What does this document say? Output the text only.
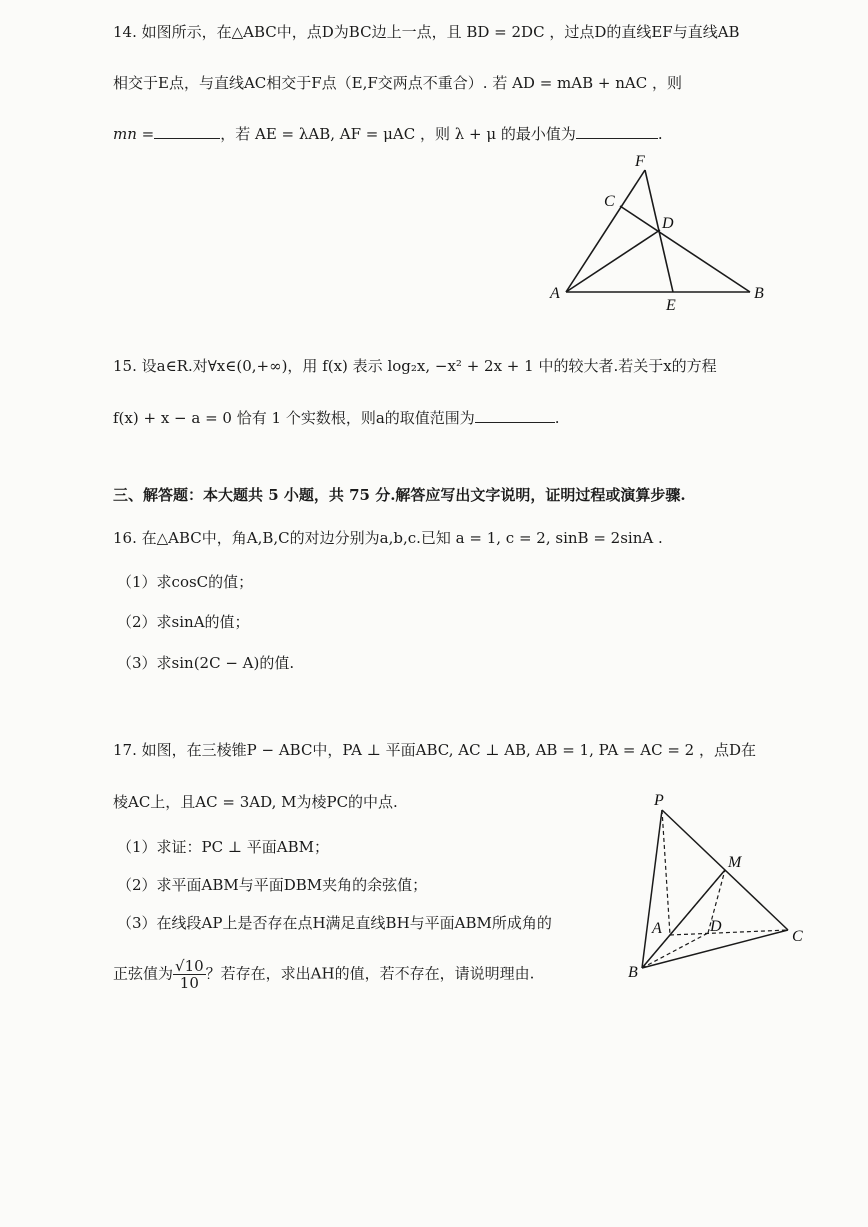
14. 如图所示，在△ABC中，点D为BC边上一点，且 BD = 2DC ，过点D的直线EF与直线AB
相交于E点，与直线AC相交于F点（E,F交两点不重合）. 若 AD = mAB + nAC ，则
mn =	，若 AE = λAB, AF = μAC ，则 λ + μ 的最小值为	.
F
C
D
A
E
B
15. 设a∈R.对∀x∈(0,+∞)，用 f(x) 表示 log₂x, −x² + 2x + 1 中的较大者.若关于x的方程
f(x) + x − a = 0 恰有 1 个实数根，则a的取值范围为	.
三、解答题：本大题共 5 小题，共 75 分.解答应写出文字说明，证明过程或演算步骤.
16. 在△ABC中，角A,B,C的对边分别为a,b,c.已知 a = 1, c = 2, sinB = 2sinA .
（1）求cosC的值；
（2）求sinA的值；
（3）求sin(2C − A)的值.
17. 如图，在三棱锥P − ABC中，PA ⊥ 平面ABC, AC ⊥ AB, AB = 1, PA = AC = 2 ，点D在
棱AC上，且AC = 3AD, M为棱PC的中点.
（1）求证：PC ⊥ 平面ABM；
（2）求平面ABM与平面DBM夹角的余弦值；
（3）在线段AP上是否存在点H满足直线BH与平面ABM所成角的
正弦值为 $\frac{√10}{10}$ ？若存在，求出AH的值，若不存在，请说明理由.
P
M
A	D
C
B
